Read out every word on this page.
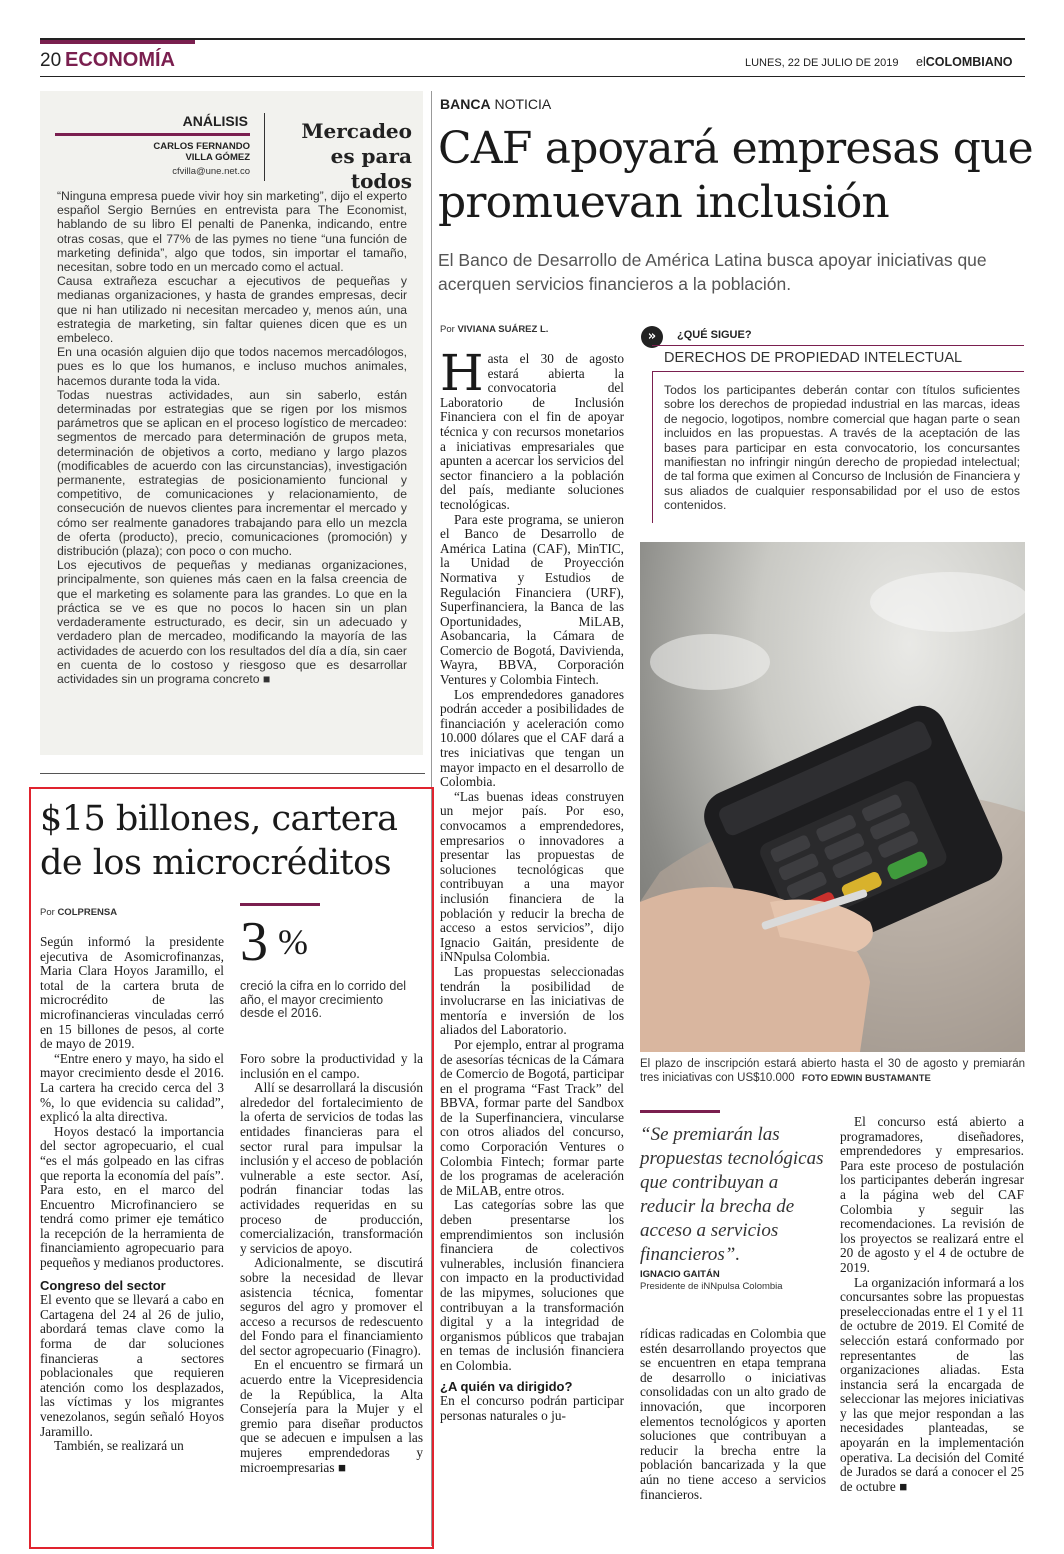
20 ECONOMÍA	LUNES, 22 DE JULIO DE 2019 elCOLOMBIANO
ANÁLISIS
CARLOS FERNANDO
VILLA GÓMEZ
cfvilla@une.net.co
Mercadeo es para todos

“Ninguna empresa puede vivir hoy sin marketing”, dijo el experto español Sergio Bernúes en entrevista para The Economist, hablando de su libro El penalti de Panenka, indicando, entre otras cosas, que el 77% de las pymes no tiene “una función de marketing definida”, algo que todos, sin importar el tamaño, necesitan, sobre todo en un mercado como el actual.

Causa extrañeza escuchar a ejecutivos de pequeñas y medianas organizaciones, y hasta de grandes empresas, decir que ni han utilizado ni necesitan mercadeo y, menos aún, una estrategia de marketing, sin faltar quienes dicen que es un embeleco.

En una ocasión alguien dijo que todos nacemos mercadólogos, pues es lo que los humanos, e incluso muchos animales, hacemos durante toda la vida.

Todas nuestras actividades, aun sin saberlo, están determinadas por estrategias que se rigen por los mismos parámetros que se aplican en el proceso logístico de mercadeo: segmentos de mercado para determinación de grupos meta, determinación de objetivos a corto, mediano y largo plazos (modificables de acuerdo con las circunstancias), investigación permanente, estrategias de posicionamiento funcional y competitivo, de comunicaciones y relacionamiento, de consecución de nuevos clientes para incrementar el mercado y cómo ser realmente ganadores trabajando para ello un mezcla de oferta (producto), precio, comunicaciones (promoción) y distribución (plaza); con poco o con mucho.

Los ejecutivos de pequeñas y medianas organizaciones, principalmente, son quienes más caen en la falsa creencia de que el marketing es solamente para las grandes. Lo que en la práctica se ve es que no pocos lo hacen sin un plan verdaderamente estructurado, es decir, sin un adecuado y verdadero plan de mercadeo, modificando la mayoría de las actividades de acuerdo con los resultados del día a día, sin caer en cuenta de lo costoso y riesgoso que es desarrollar actividades sin un programa concreto ■

$15 billones, cartera de los microcréditos
Por COLPRENSA 3 %
creció la cifra en lo corrido del año, el mayor crecimiento desde el 2016.

Según informó la presidente ejecutiva de Asomicrofinanzas, Maria Clara Hoyos Jaramillo, el total de la cartera bruta de microcrédito de las microfinancieras vinculadas cerró en 15 billones de pesos, al corte de mayo de 2019.

“Entre enero y mayo, ha sido el mayor crecimiento desde el 2016. La cartera ha crecido cerca del 3 %, lo que evidencia su calidad”, explicó la alta directiva.

Hoyos destacó la importancia del sector agropecuario, el cual “es el más golpeado en las cifras que reporta la economía del país”. Para esto, en el marco del Encuentro Microfinanciero se tendrá como primer eje temático la recepción de la herramienta de financiamiento agropecuario para pequeños y medianos productores.

Congreso del sector

El evento que se llevará a cabo en Cartagena del 24 al 26 de julio, abordará temas clave como la forma de dar soluciones financieras a sectores poblacionales que requieren atención como los desplazados, las víctimas y los migrantes venezolanos, según señaló Hoyos Jaramillo.

También, se realizará un

Foro sobre la productividad y la inclusión en el campo.

Allí se desarrollará la discusión alrededor del fortalecimiento de la oferta de servicios de todas las entidades financieras para el sector rural para impulsar la inclusión y el acceso de población vulnerable a este sector. Así, podrán financiar todas las actividades requeridas en su proceso de producción, comercialización, transformación y servicios de apoyo.

Adicionalmente, se discutirá sobre la necesidad de llevar asistencia técnica, fomentar seguros del agro y promover el acceso a recursos de redescuento del Fondo para el financiamiento del sector agropecuario (Finagro).

En el encuentro se firmará un acuerdo entre la Vicepresidencia de la República, la Alta Consejería para la Mujer y el gremio para diseñar productos que se adecuen e impulsen a las mujeres emprendedoras y microempresarias ■

BANCA NOTICIA
CAF apoyará empresas que promuevan inclusión
El Banco de Desarrollo de América Latina busca apoyar iniciativas que acerquen servicios financieros a la población.
Por VIVIANA SUÁREZ L.

Hasta el 30 de agosto estará abierta la convocatoria del Laboratorio de Inclusión Financiera con el fin de apoyar técnica y con recursos monetarios a iniciativas empresariales que apunten a acercar los servicios del sector financiero a la población del país, mediante soluciones tecnológicas.

Para este programa, se unieron el Banco de Desarrollo de América Latina (CAF), MinTIC, la Unidad de Proyección Normativa y Estudios de Regulación Financiera (URF), Superfinanciera, la Banca de las Oportunidades, MiLAB, Asobancaria, la Cámara de Comercio de Bogotá, Davivienda, Wayra, BBVA, Corporación Ventures y Colombia Fintech.

Los emprendedores ganadores podrán acceder a posibilidades de financiación y aceleración como 10.000 dólares que el CAF dará a tres iniciativas que tengan un mayor impacto en el desarrollo de Colombia.

“Las buenas ideas construyen un mejor país. Por eso, convocamos a emprendedores, empresarios o innovadores a presentar las propuestas de soluciones tecnológicas que contribuyan a una mayor inclusión financiera de la población y reducir la brecha de acceso a estos servicios”, dijo Ignacio Gaitán, presidente de iNNpulsa Colombia.

Las propuestas seleccionadas tendrán la posibilidad de involucrarse en las iniciativas de mentoría e inversión de los aliados del Laboratorio.

Por ejemplo, entrar al programa de asesorías técnicas de la Cámara de Comercio de Bogotá, participar en el programa “Fast Track” del BBVA, formar parte del Sandbox de la Superfinanciera, vincularse con otros aliados del concurso, como Corporación Ventures o Colombia Fintech; formar parte de los programas de aceleración de MiLAB, entre otros.

Las categorías sobre las que deben presentarse los emprendimientos son inclusión financiera de colectivos vulnerables, inclusión financiera con impacto en la productividad de las mipymes, soluciones que contribuyan a la transformación digital y a la integridad de organismos públicos que trabajan en temas de inclusión financiera en Colombia.

¿A quién va dirigido?

En el concurso podrán participar personas naturales o ju-

»	¿QUÉ SIGUE?
DERECHOS DE PROPIEDAD INTELECTUAL
Todos los participantes deberán contar con títulos suficientes sobre los derechos de propiedad industrial en las marcas, ideas de negocio, logotipos, nombre comercial que hagan parte o sean incluidos en las propuestas. A través de la aceptación de las bases para participar en esta convocatorio, los concursantes manifiestan no infringir ningún derecho de propiedad intelectual; de tal forma que eximen al Concurso de Inclusión de Financiera y sus aliados de cualquier responsabilidad por el uso de estos contenidos.
El plazo de inscripción estará abierto hasta el 30 de agosto y premiarán tres iniciativas con US$10.000 FOTO EDWIN BUSTAMANTE
“Se premiarán las propuestas tecnológicas que contribuyan a reducir la brecha de acceso a servicios financieros”.
IGNACIO GAITÁN
Presidente de iNNpulsa Colombia

rídicas radicadas en Colombia que estén desarrollando proyectos que se encuentren en etapa temprana de desarrollo o iniciativas consolidadas con un alto grado de innovación, que incorporen elementos tecnológicos y aporten soluciones que contribuyan a reducir la brecha entre la población bancarizada y la que aún no tiene acceso a servicios financieros.

El concurso está abierto a programadores, diseñadores, emprendedores y empresarios. Para este proceso de postulación los participantes deberán ingresar a la página web del CAF Colombia y seguir las recomendaciones. La revisión de los proyectos se realizará entre el 20 de agosto y el 4 de octubre de 2019.

La organización informará a los concursantes sobre las propuestas preseleccionadas entre el 1 y el 11 de octubre de 2019. El Comité de selección estará conformado por representantes de las organizaciones aliadas. Esta instancia será la encargada de seleccionar las mejores iniciativas y las que mejor respondan a las necesidades planteadas, se apoyarán en la implementación operativa. La decisión del Comité de Jurados se dará a conocer el 25 de octubre ■
